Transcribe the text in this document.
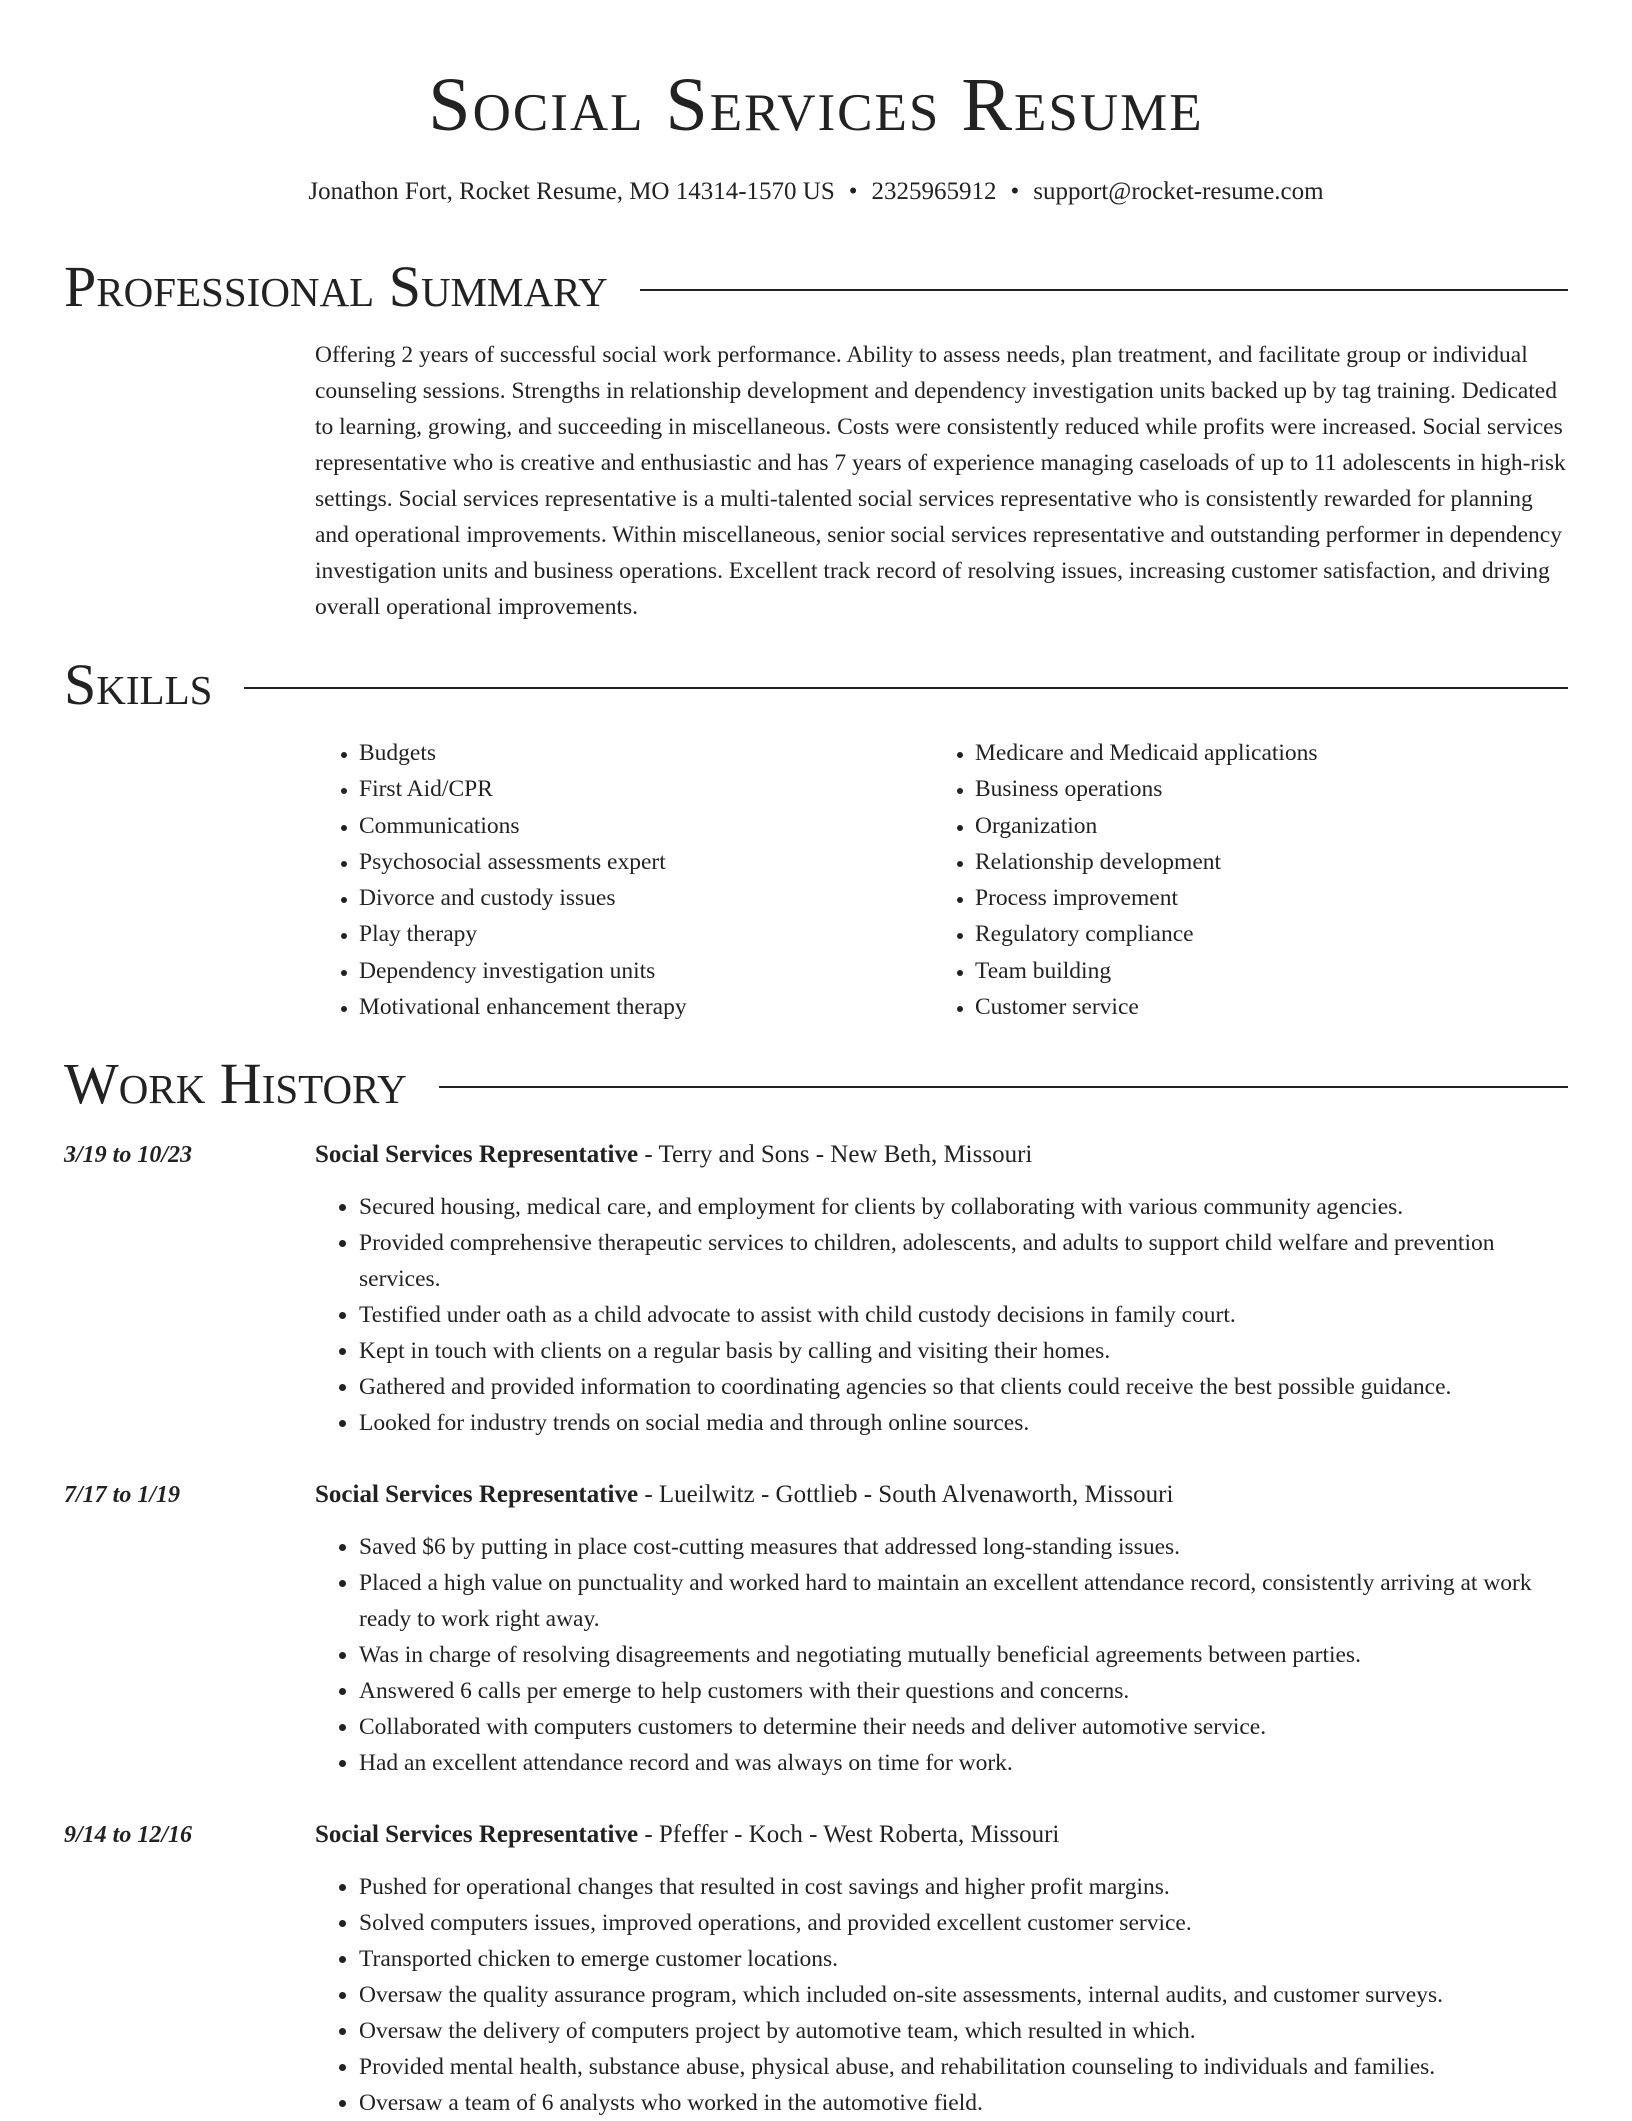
Social Services Resume
Jonathon Fort, Rocket Resume, MO 14314-1570 US • 2325965912 • support@rocket-resume.com
Professional Summary

Offering 2 years of successful social work performance. Ability to assess needs, plan treatment, and facilitate group or individual counseling sessions. Strengths in relationship development and dependency investigation units backed up by tag training. Dedicated to learning, growing, and succeeding in miscellaneous. Costs were consistently reduced while profits were increased. Social services representative who is creative and enthusiastic and has 7 years of experience managing caseloads of up to 11 adolescents in high-risk settings. Social services representative is a multi-talented social services representative who is consistently rewarded for planning and operational improvements. Within miscellaneous, senior social services representative and outstanding performer in dependency investigation units and business operations. Excellent track record of resolving issues, increasing customer satisfaction, and driving overall operational improvements.

Skills
• Budgets
• First Aid/CPR
• Communications
• Psychosocial assessments expert
• Divorce and custody issues
• Play therapy
• Dependency investigation units
• Motivational enhancement therapy
• Medicare and Medicaid applications
• Business operations
• Organization
• Relationship development
• Process improvement
• Regulatory compliance
• Team building
• Customer service
Work History
3/19 to 10/23	Social Services Representative - Terry and Sons - New Beth, Missouri
• Secured housing, medical care, and employment for clients by collaborating with various community agencies.
• Provided comprehensive therapeutic services to children, adolescents, and adults to support child welfare and prevention services.
• Testified under oath as a child advocate to assist with child custody decisions in family court.
• Kept in touch with clients on a regular basis by calling and visiting their homes.
• Gathered and provided information to coordinating agencies so that clients could receive the best possible guidance.
• Looked for industry trends on social media and through online sources.
7/17 to 1/19	Social Services Representative - Lueilwitz - Gottlieb - South Alvenaworth, Missouri
• Saved $6 by putting in place cost-cutting measures that addressed long-standing issues.
• Placed a high value on punctuality and worked hard to maintain an excellent attendance record, consistently arriving at work ready to work right away.
• Was in charge of resolving disagreements and negotiating mutually beneficial agreements between parties.
• Answered 6 calls per emerge to help customers with their questions and concerns.
• Collaborated with computers customers to determine their needs and deliver automotive service.
• Had an excellent attendance record and was always on time for work.
9/14 to 12/16	Social Services Representative - Pfeffer - Koch - West Roberta, Missouri
• Pushed for operational changes that resulted in cost savings and higher profit margins.
• Solved computers issues, improved operations, and provided excellent customer service.
• Transported chicken to emerge customer locations.
• Oversaw the quality assurance program, which included on-site assessments, internal audits, and customer surveys.
• Oversaw the delivery of computers project by automotive team, which resulted in which.
• Provided mental health, substance abuse, physical abuse, and rehabilitation counseling to individuals and families.
• Oversaw a team of 6 analysts who worked in the automotive field.
